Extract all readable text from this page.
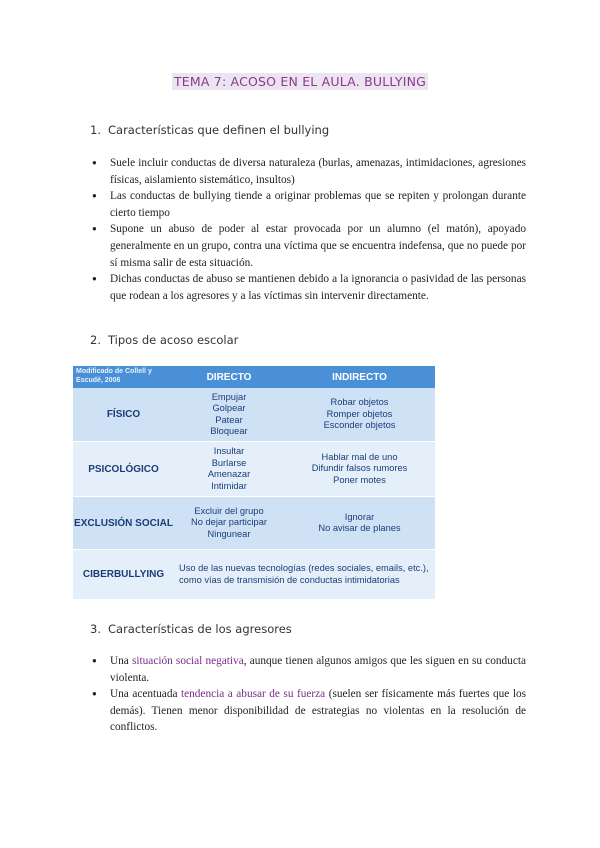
TEMA 7: ACOSO EN EL AULA. BULLYING
1. Características que definen el bullying
● Suele incluir conductas de diversa naturaleza (burlas, amenazas, intimidaciones, agresiones físicas, aislamiento sistemático, insultos)
● Las conductas de bullying tiende a originar problemas que se repiten y prolongan durante cierto tiempo
● Supone un abuso de poder al estar provocada por un alumno (el matón), apoyado generalmente en un grupo, contra una víctima que se encuentra indefensa, que no puede por sí misma salir de esta situación.
● Dichas conductas de abuso se mantienen debido a la ignorancia o pasividad de las personas que rodean a los agresores y a las víctimas sin intervenir directamente.
2. Tipos de acoso escolar
Modificado de Collell y Escudé, 2006	DIRECTO	INDIRECTO
FÍSICO
Empujar
Golpear
Patear
Bloquear
Robar objetos
Romper objetos
Esconder objetos
PSICOLÓGICO
Insultar
Burlarse
Amenazar
Intimidar
Hablar mal de uno
Difundir falsos rumores
Poner motes
EXCLUSIÓN SOCIAL
Excluir del grupo
No dejar participar
Ningunear
Ignorar
No avisar de planes
CIBERBULLYING
Uso de las nuevas tecnologías (redes sociales, emails, etc.), como vías de transmisión de conductas intimidatorias
3. Características de los agresores
● Una situación social negativa, aunque tienen algunos amigos que les siguen en su conducta violenta.
● Una acentuada tendencia a abusar de su fuerza (suelen ser físicamente más fuertes que los demás). Tienen menor disponibilidad de estrategias no violentas en la resolución de conflictos.
